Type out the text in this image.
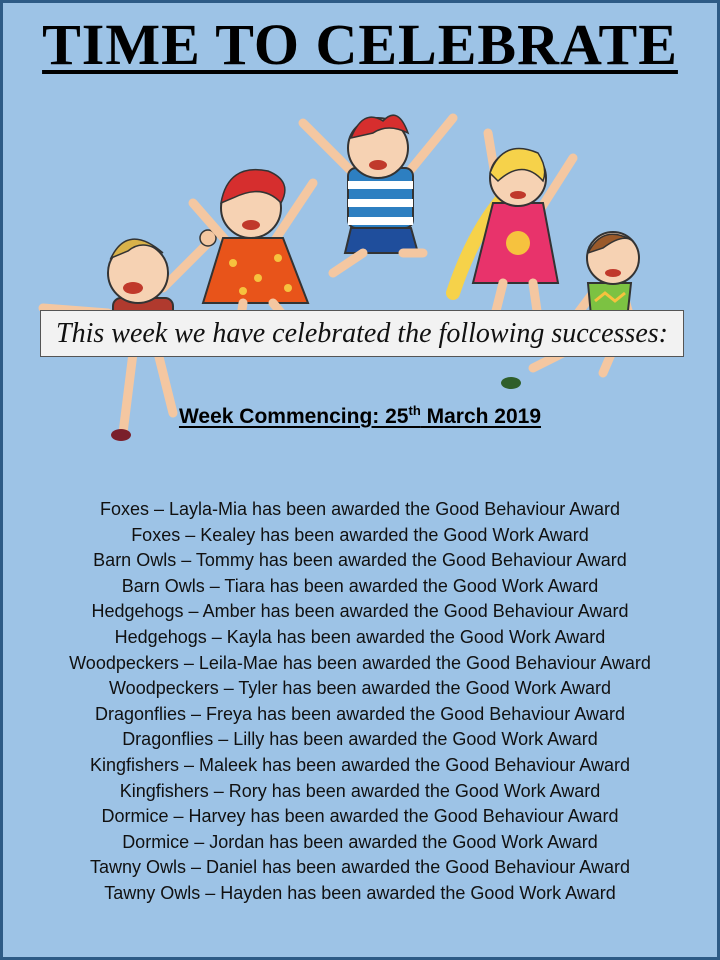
TIME TO CELEBRATE
This week we have celebrated the following successes:
Week Commencing: 25th March 2019
Foxes – Layla-Mia has been awarded the Good Behaviour Award
Foxes – Kealey has been awarded the Good Work Award
Barn Owls – Tommy has been awarded the Good Behaviour Award
Barn Owls – Tiara has been awarded the Good Work Award
Hedgehogs – Amber has been awarded the Good Behaviour Award
Hedgehogs – Kayla has been awarded the Good Work Award
Woodpeckers – Leila-Mae has been awarded the Good Behaviour Award
Woodpeckers – Tyler has been awarded the Good Work Award
Dragonflies – Freya has been awarded the Good Behaviour Award
Dragonflies – Lilly has been awarded the Good Work Award
Kingfishers – Maleek has been awarded the Good Behaviour Award
Kingfishers – Rory has been awarded the Good Work Award
Dormice – Harvey has been awarded the Good Behaviour Award
Dormice – Jordan has been awarded the Good Work Award
Tawny Owls – Daniel has been awarded the Good Behaviour Award
Tawny Owls – Hayden has been awarded the Good Work Award
